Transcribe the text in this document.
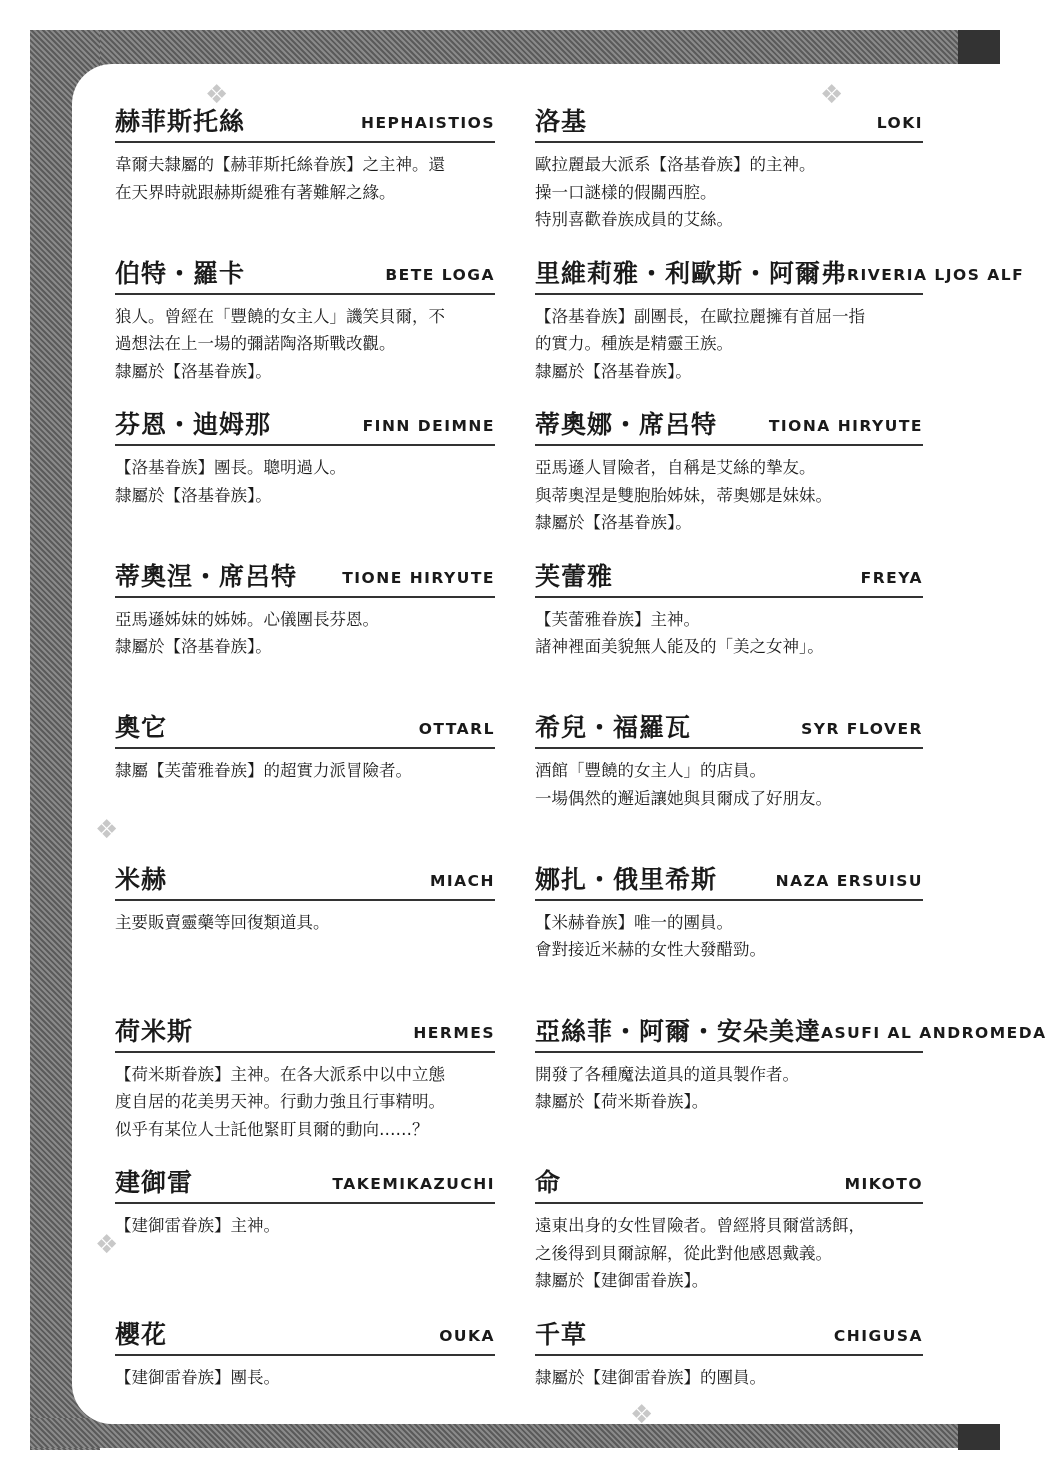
❖	❖
❖
❖
❖
赫菲斯托絲	HEPHAISTIOS
韋爾夫隸屬的【赫菲斯托絲眷族】之主神。還
在天界時就跟赫斯緹雅有著難解之緣。
洛基	LOKI
歐拉麗最大派系【洛基眷族】的主神。
操一口謎樣的假關西腔。
特別喜歡眷族成員的艾絲。
伯特・羅卡	BETE LOGA
狼人。曾經在「豐饒的女主人」譏笑貝爾，不
過想法在上一場的彌諾陶洛斯戰改觀。
隸屬於【洛基眷族】。
里維莉雅・利歐斯・阿爾弗 RIVERIA LJOS ALF
【洛基眷族】副團長，在歐拉麗擁有首屈一指
的實力。種族是精靈王族。
隸屬於【洛基眷族】。
芬恩・迪姆那	FINN DEIMNE
【洛基眷族】團長。聰明過人。
隸屬於【洛基眷族】。
蒂奧娜・席呂特	TIONA HIRYUTE
亞馬遜人冒險者，自稱是艾絲的摯友。
與蒂奧涅是雙胞胎姊妹，蒂奧娜是妹妹。
隸屬於【洛基眷族】。
蒂奧涅・席呂特	TIONE HIRYUTE
亞馬遜姊妹的姊姊。心儀團長芬恩。
隸屬於【洛基眷族】。
芙蕾雅	FREYA
【芙蕾雅眷族】主神。
諸神裡面美貌無人能及的「美之女神」。
奧它	OTTARL
隸屬【芙蕾雅眷族】的超實力派冒險者。
希兒・福羅瓦	SYR FLOVER
酒館「豐饒的女主人」的店員。
一場偶然的邂逅讓她與貝爾成了好朋友。
米赫	MIACH
主要販賣靈藥等回復類道具。
娜扎・俄里希斯	NAZA ERSUISU
【米赫眷族】唯一的團員。
會對接近米赫的女性大發醋勁。
荷米斯	HERMES
【荷米斯眷族】主神。在各大派系中以中立態
度自居的花美男天神。行動力強且行事精明。
似乎有某位人士託他緊盯貝爾的動向……？
亞絲菲・阿爾・安朵美達 ASUFI AL ANDROMEDA
開發了各種魔法道具的道具製作者。
隸屬於【荷米斯眷族】。
建御雷	TAKEMIKAZUCHI
【建御雷眷族】主神。
命	MIKOTO
遠東出身的女性冒險者。曾經將貝爾當誘餌，
之後得到貝爾諒解，從此對他感恩戴義。
隸屬於【建御雷眷族】。
櫻花	OUKA
【建御雷眷族】團長。
千草	CHIGUSA
隸屬於【建御雷眷族】的團員。
